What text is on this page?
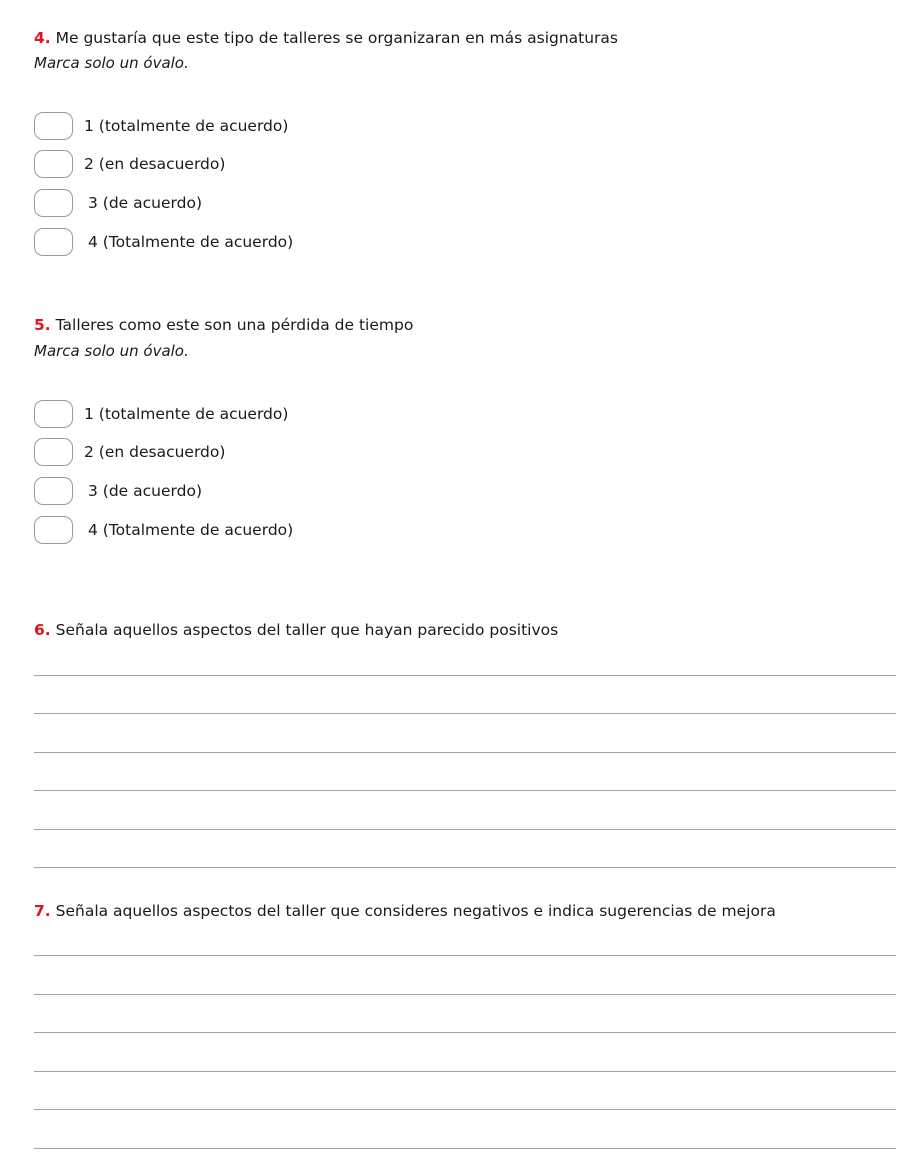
4. Me gustaría que este tipo de talleres se organizaran en más asignaturas
Marca solo un óvalo.
1 (totalmente de acuerdo)
2 (en desacuerdo)
3 (de acuerdo)
4 (Totalmente de acuerdo)
5. Talleres como este son una pérdida de tiempo
Marca solo un óvalo.
1 (totalmente de acuerdo)
2 (en desacuerdo)
3 (de acuerdo)
4 (Totalmente de acuerdo)
6. Señala aquellos aspectos del taller que hayan parecido positivos
7. Señala aquellos aspectos del taller que consideres negativos e indica sugerencias de mejora
